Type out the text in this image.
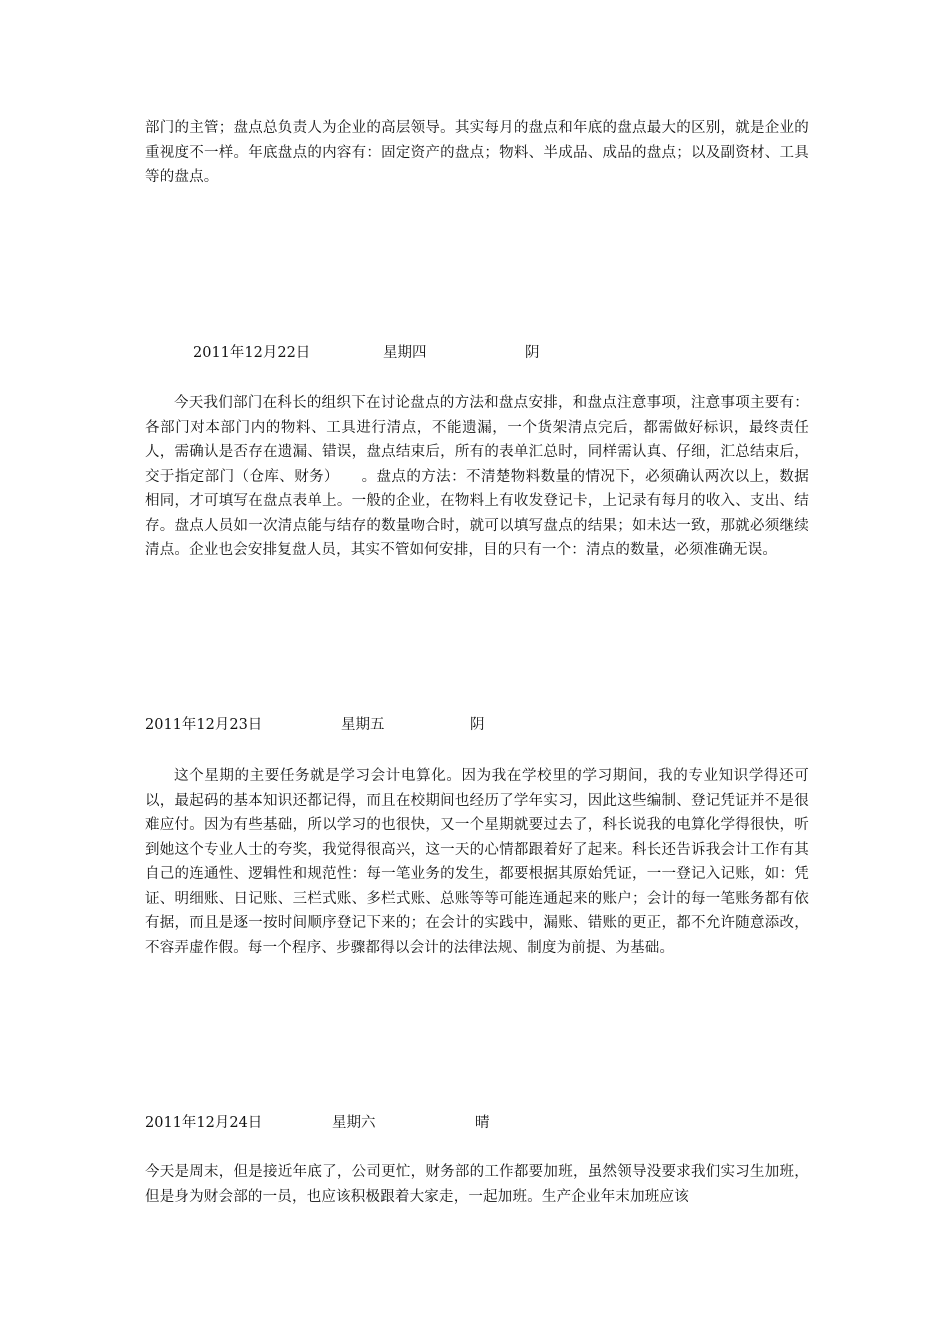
部门的主管；盘点总负责人为企业的高层领导。其实每月的盘点和年底的盘点最大的区别，就是企业的重视度不一样。年底盘点的内容有：固定资产的盘点；物料、半成品、成品的盘点；以及副资材、工具等的盘点。

2011年12月22日	星期四	阴

今天我们部门在科长的组织下在讨论盘点的方法和盘点安排，和盘点注意事项，注意事项主要有：各部门对本部门内的物料、工具进行清点，不能遗漏，一个货架清点完后，都需做好标识，最终责任人，需确认是否存在遗漏、错误，盘点结束后，所有的表单汇总时，同样需认真、仔细，汇总结束后，交于指定部门（仓库、财务）　　。盘点的方法：不清楚物料数量的情况下，必须确认两次以上，数据相同，才可填写在盘点表单上。一般的企业，在物料上有收发登记卡，上记录有每月的收入、支出、结存。盘点人员如一次清点能与结存的数量吻合时，就可以填写盘点的结果；如未达一致，那就必须继续清点。企业也会安排复盘人员，其实不管如何安排，目的只有一个：清点的数量，必须准确无误。

2011年12月23日	星期五	阴

这个星期的主要任务就是学习会计电算化。因为我在学校里的学习期间，我的专业知识学得还可以，最起码的基本知识还都记得，而且在校期间也经历了学年实习，因此这些编制、登记凭证并不是很难应付。因为有些基础，所以学习的也很快，又一个星期就要过去了，科长说我的电算化学得很快，听到她这个专业人士的夸奖，我觉得很高兴，这一天的心情都跟着好了起来。科长还告诉我会计工作有其自己的连通性、逻辑性和规范性：每一笔业务的发生，都要根据其原始凭证，一一登记入记账，如：凭证、明细账、日记账、三栏式账、多栏式账、总账等等可能连通起来的账户；会计的每一笔账务都有依有据，而且是逐一按时间顺序登记下来的；在会计的实践中，漏账、错账的更正，都不允许随意添改，不容弄虚作假。每一个程序、步骤都得以会计的法律法规、制度为前提、为基础。

2011年12月24日	星期六	晴

今天是周末，但是接近年底了，公司更忙，财务部的工作都要加班，虽然领导没要求我们实习生加班，但是身为财会部的一员，也应该积极跟着大家走，一起加班。生产企业年末加班应该
